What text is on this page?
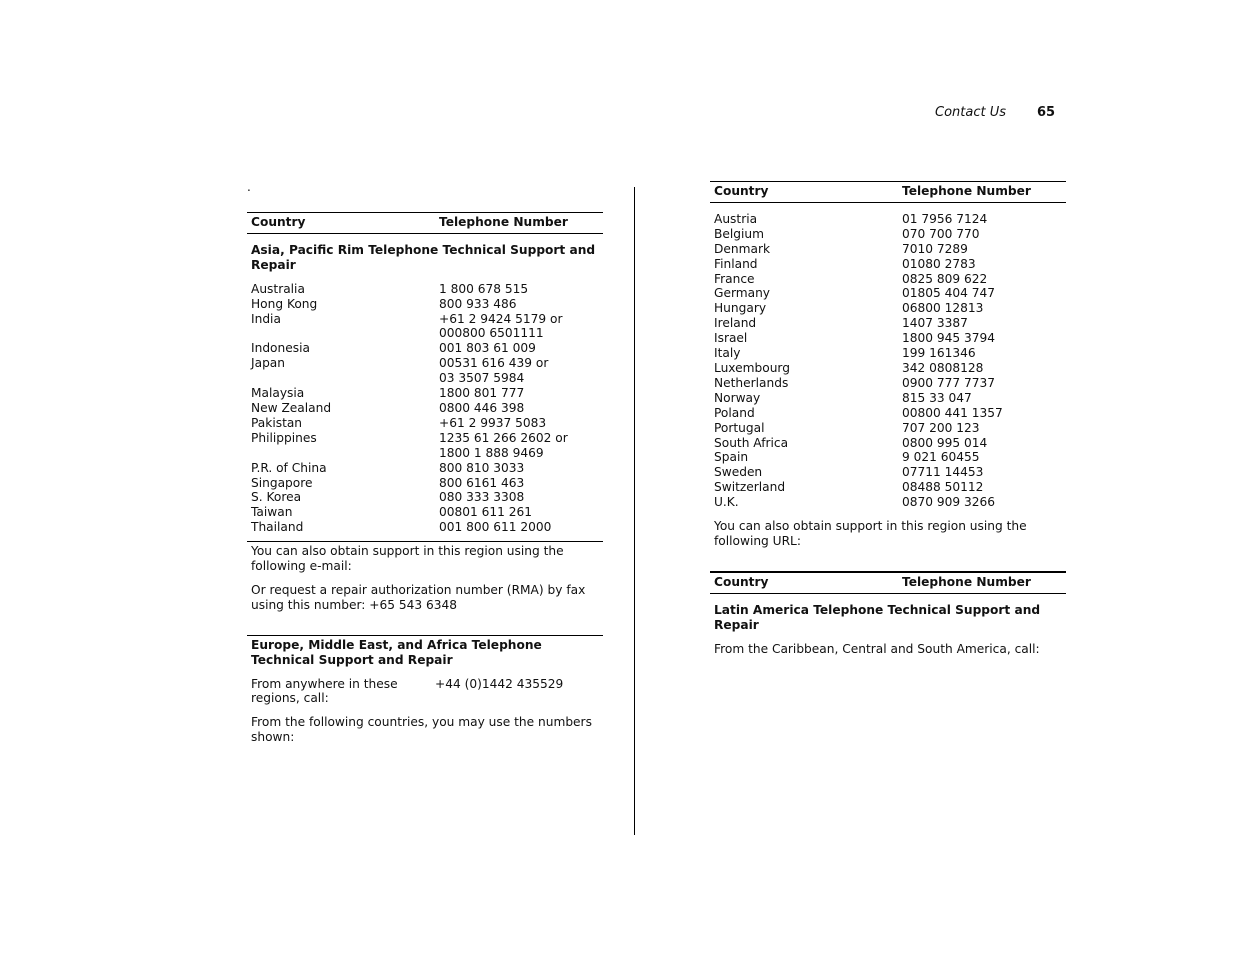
Contact Us 65
.
Country	Telephone Number
Asia, Pacific Rim Telephone Technical Support and Repair
Australia	1 800 678 515
Hong Kong	800 933 486
India	+61 2 9424 5179 or

000800 6501111
Indonesia	001 803 61 009
Japan	00531 616 439 or

03 3507 5984
Malaysia	1800 801 777
New Zealand	0800 446 398
Pakistan	+61 2 9937 5083
Philippines	1235 61 266 2602 or

1800 1 888 9469
P.R. of China	800 810 3033
Singapore	800 6161 463
S. Korea	080 333 3308
Taiwan	00801 611 261
Thailand	001 800 611 2000
You can also obtain support in this region using the following e-mail:
Or request a repair authorization number (RMA) by fax using this number: +65 543 6348
Europe, Middle East, and Africa Telephone Technical Support and Repair
From anywhere in these regions, call:
+44 (0)1442 435529
From the following countries, you may use the numbers shown:
Country	Telephone Number
Austria	01 7956 7124
Belgium	070 700 770
Denmark	7010 7289
Finland	01080 2783
France	0825 809 622
Germany	01805 404 747
Hungary	06800 12813
Ireland	1407 3387
Israel	1800 945 3794
Italy	199 161346
Luxembourg	342 0808128
Netherlands	0900 777 7737
Norway	815 33 047
Poland	00800 441 1357
Portugal	707 200 123
South Africa	0800 995 014
Spain	9 021 60455
Sweden	07711 14453
Switzerland	08488 50112
U.K.	0870 909 3266
You can also obtain support in this region using the following URL:
Country	Telephone Number
Latin America Telephone Technical Support and Repair
From the Caribbean, Central and South America, call:
